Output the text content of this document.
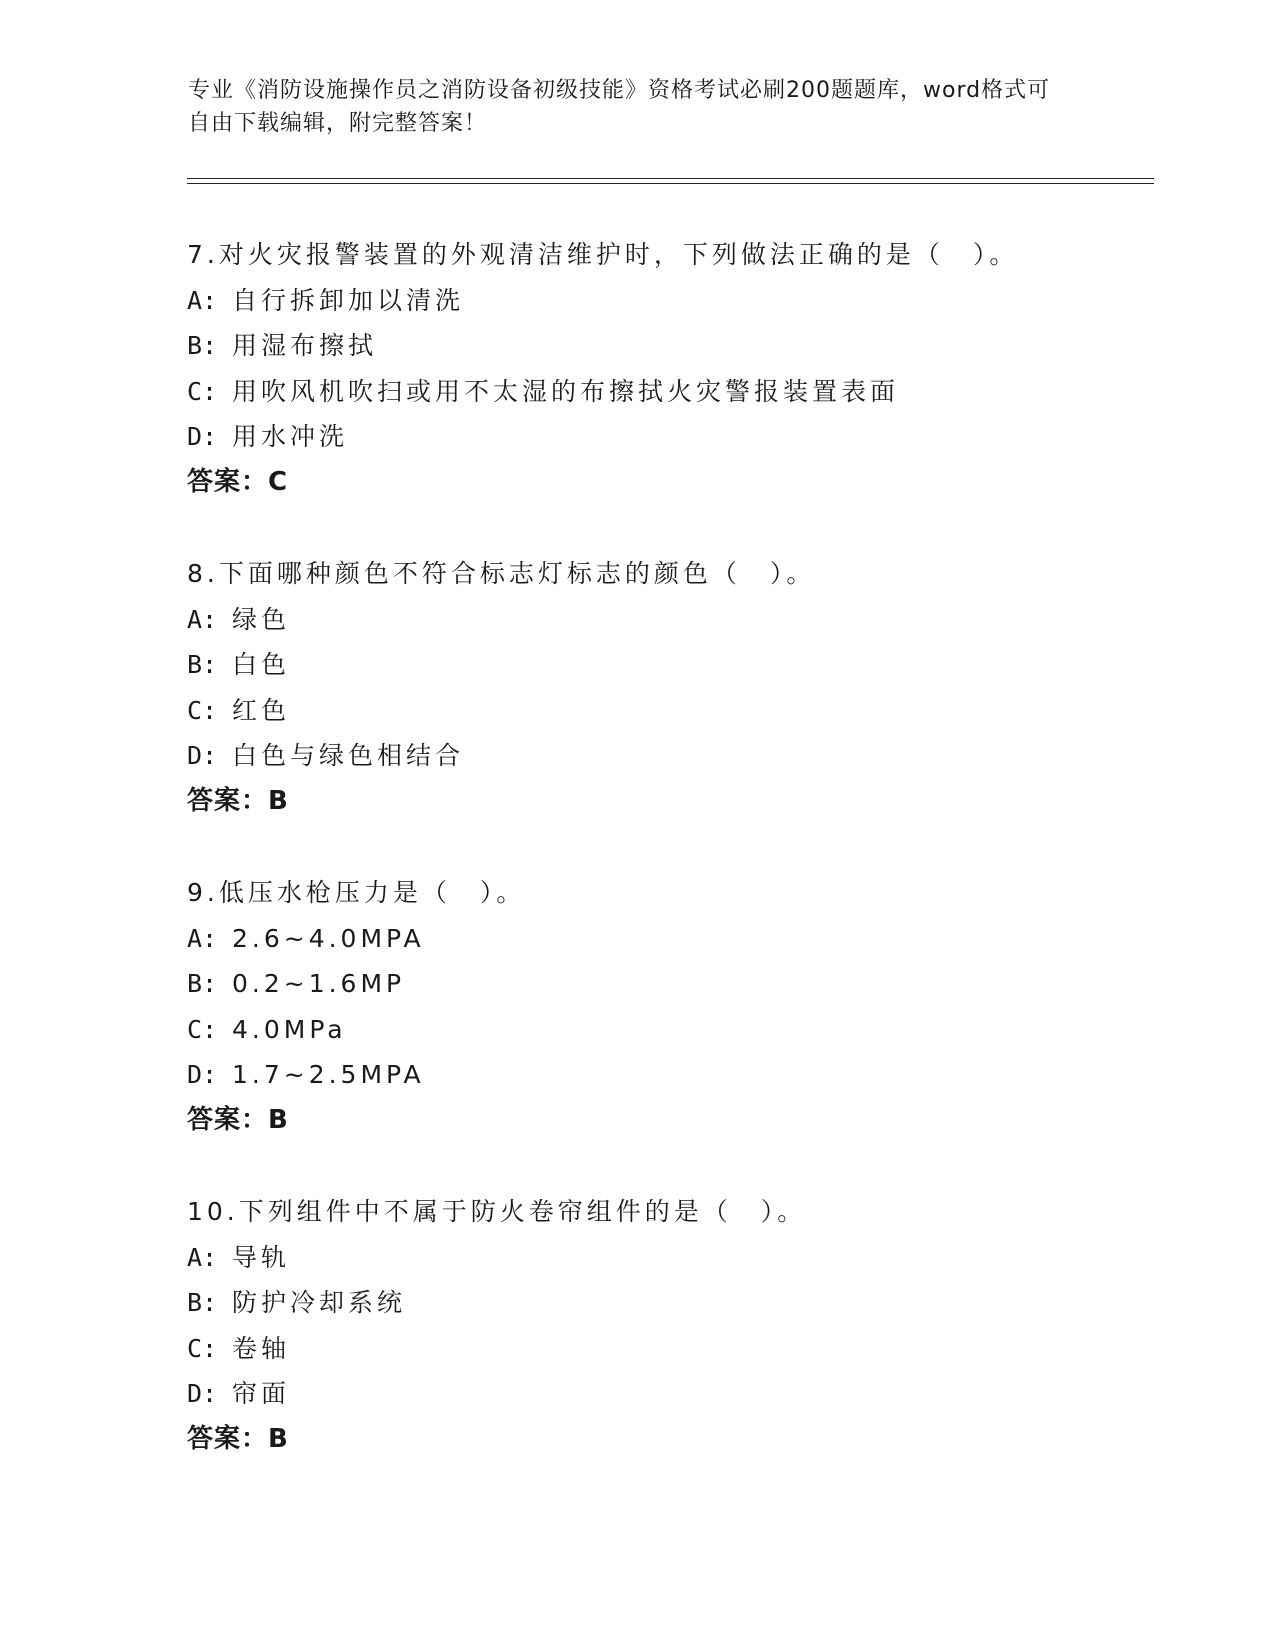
专业《消防设施操作员之消防设备初级技能》资格考试必刷200题题库，word格式可自由下载编辑，附完整答案！
7.对火灾报警装置的外观清洁维护时，下列做法正确的是（　）。
A: 自行拆卸加以清洗
B: 用湿布擦拭
C: 用吹风机吹扫或用不太湿的布擦拭火灾警报装置表面
D: 用水冲洗
答案：C
8.下面哪种颜色不符合标志灯标志的颜色（　）。
A: 绿色
B: 白色
C: 红色
D: 白色与绿色相结合
答案：B
9.低压水枪压力是（　）。
A: 2.6~4.0MPA
B: 0.2~1.6MP
C: 4.0MPa
D: 1.7~2.5MPA
答案：B
10.下列组件中不属于防火卷帘组件的是（　）。
A: 导轨
B: 防护冷却系统
C: 卷轴
D: 帘面
答案：B
